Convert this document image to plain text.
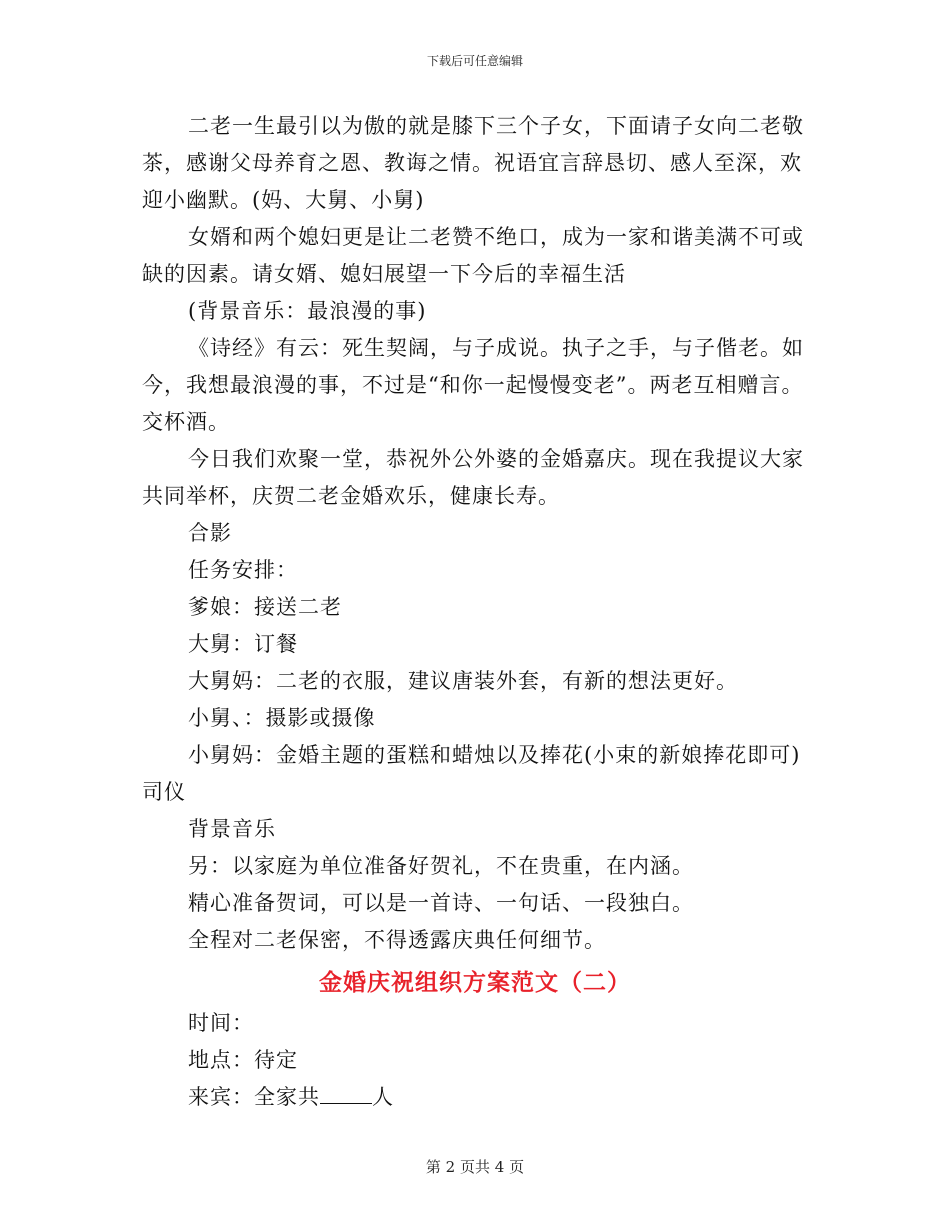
下载后可任意编辑

二老一生最引以为傲的就是膝下三个子女，下面请子女向二老敬茶，感谢父母养育之恩、教诲之情。祝语宜言辞恳切、感人至深，欢迎小幽默。(妈、大舅、小舅)

女婿和两个媳妇更是让二老赞不绝口，成为一家和谐美满不可或缺的因素。请女婿、媳妇展望一下今后的幸福生活

(背景音乐：最浪漫的事)

《诗经》有云：死生契阔，与子成说。执子之手，与子偕老。如今，我想最浪漫的事，不过是“和你一起慢慢变老”。两老互相赠言。交杯酒。

今日我们欢聚一堂，恭祝外公外婆的金婚嘉庆。现在我提议大家共同举杯，庆贺二老金婚欢乐，健康长寿。

合影

任务安排：

爹娘：接送二老

大舅：订餐

大舅妈：二老的衣服，建议唐装外套，有新的想法更好。

小舅、：摄影或摄像

小舅妈：金婚主题的蛋糕和蜡烛以及捧花(小束的新娘捧花即可)

司仪

背景音乐

另：以家庭为单位准备好贺礼，不在贵重，在内涵。

精心准备贺词，可以是一首诗、一句话、一段独白。

全程对二老保密，不得透露庆典任何细节。

金婚庆祝组织方案范文（二）

时间：

地点：待定

来宾：全家共 人

第 2 页共 4 页
